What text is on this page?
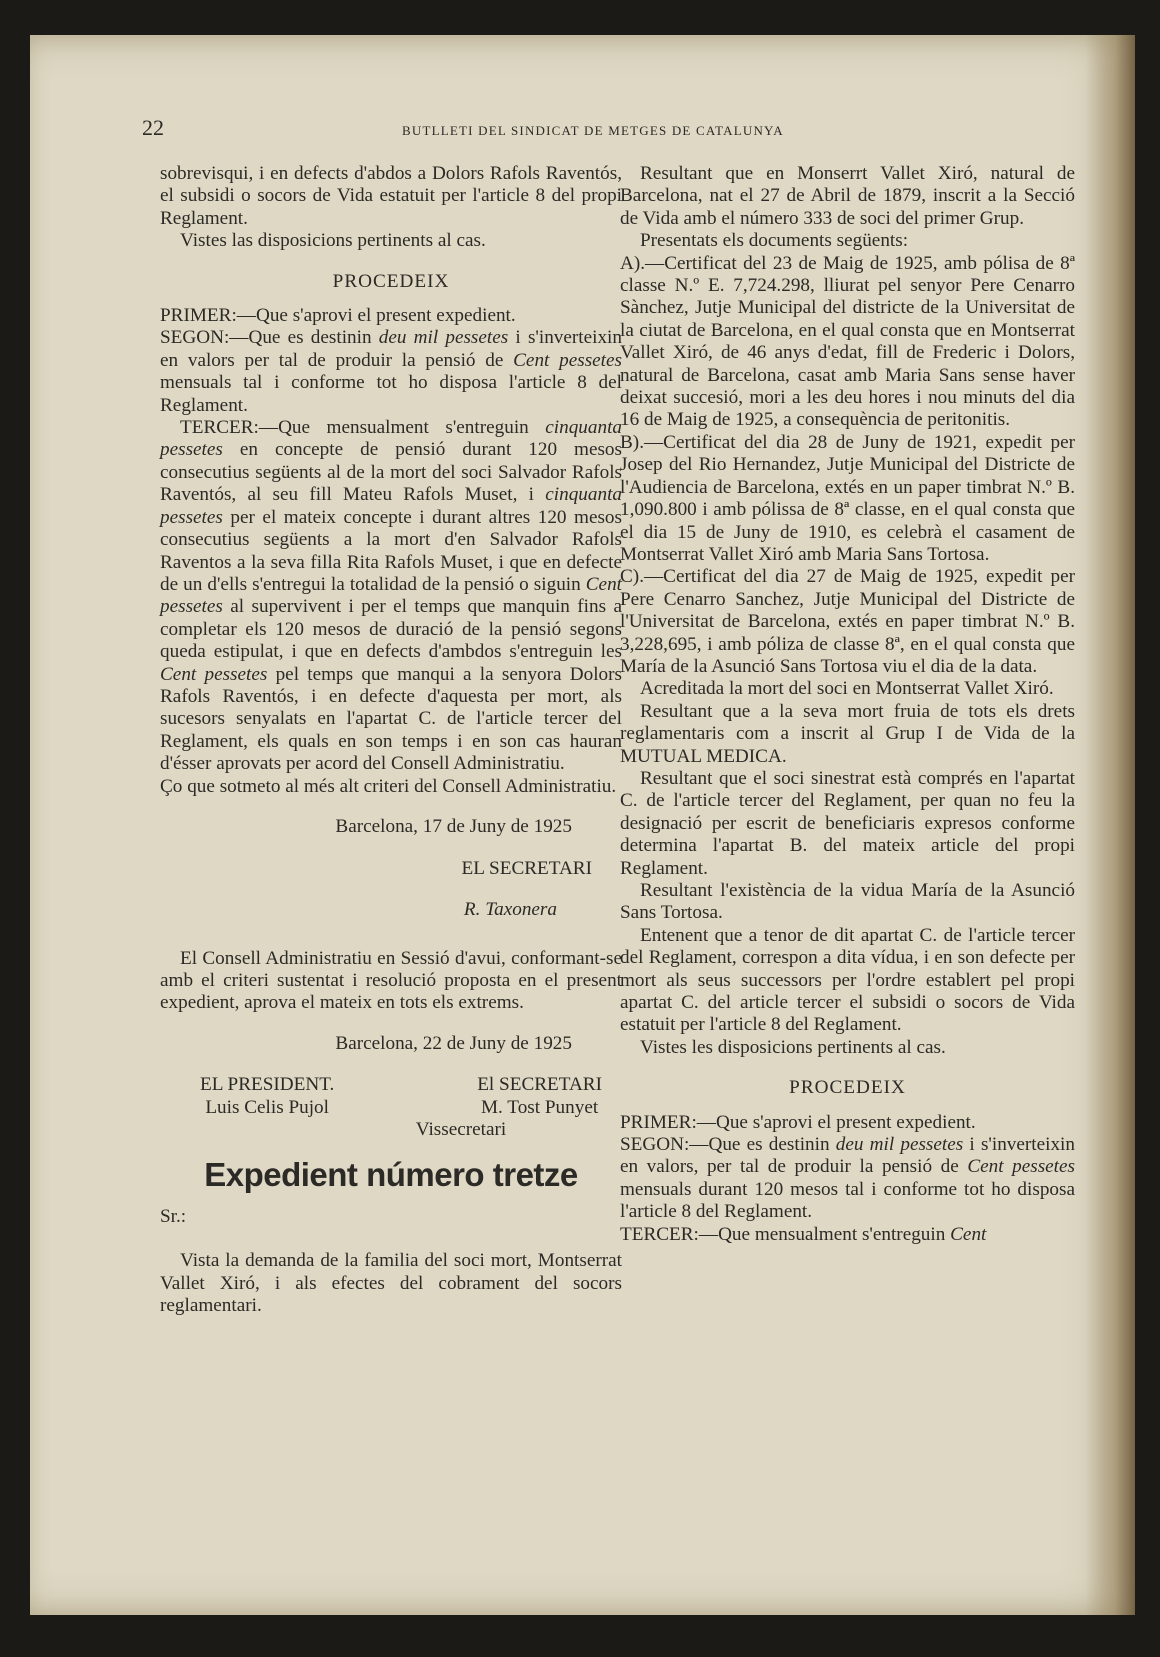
22	BUTLLETI DEL SINDICAT DE METGES DE CATALUNYA

sobrevisqui, i en defects d'abdos a Dolors Rafols Raventós, el subsidi o socors de Vida estatuit per l'article 8 del propi Reglament.

Vistes las disposicions pertinents al cas.

PROCEDEIX

PRIMER:—Que s'aprovi el present expedient.

SEGON:—Que es destinin deu mil pessetes i s'inverteixin en valors per tal de produir la pensió de Cent pessetes mensuals tal i conforme tot ho disposa l'article 8 del Reglament.

TERCER:—Que mensualment s'entreguin cinquanta pessetes en concepte de pensió durant 120 mesos consecutius següents al de la mort del soci Salvador Rafols Raventós, al seu fill Mateu Rafols Muset, i cinquanta pessetes per el mateix concepte i durant altres 120 mesos consecutius següents a la mort d'en Salvador Rafols Raventos a la seva filla Rita Rafols Muset, i que en defecte de un d'ells s'entregui la totalidad de la pensió o siguin Cent pessetes al supervivent i per el temps que manquin fins a completar els 120 mesos de duració de la pensió segons queda estipulat, i que en defects d'ambdos s'entreguin les Cent pessetes pel temps que manqui a la senyora Dolors Rafols Raventós, i en defecte d'aquesta per mort, als sucesors senyalats en l'apartat C. de l'article tercer del Reglament, els quals en son temps i en son cas hauran d'ésser aprovats per acord del Consell Administratiu.

Ço que sotmeto al més alt criteri del Consell Administratiu.

Barcelona, 17 de Juny de 1925

EL SECRETARI

R. Taxonera

El Consell Administratiu en Sessió d'avui, conformant-se amb el criteri sustentat i resolució proposta en el present expedient, aprova el mateix en tots els extrems.

Barcelona, 22 de Juny de 1925

EL PRESIDENT.
Luis Celis Pujol
El SECRETARI
M. Tost Punyet
Vissecretari
Expedient número tretze

Sr.:

Vista la demanda de la familia del soci mort, Montserrat Vallet Xiró, i als efectes del cobrament del socors reglamentari.

Resultant que en Monserrt Vallet Xiró, natural de Barcelona, nat el 27 de Abril de 1879, inscrit a la Secció de Vida amb el número 333 de soci del primer Grup.

Presentats els documents següents:

A).—Certificat del 23 de Maig de 1925, amb pólisa de 8ª classe N.º E. 7,724.298, lliurat pel senyor Pere Cenarro Sànchez, Jutje Municipal del districte de la Universitat de la ciutat de Barcelona, en el qual consta que en Montserrat Vallet Xiró, de 46 anys d'edat, fill de Frederic i Dolors, natural de Barcelona, casat amb Maria Sans sense haver deixat succesió, mori a les deu hores i nou minuts del dia 16 de Maig de 1925, a consequència de peritonitis.

B).—Certificat del dia 28 de Juny de 1921, expedit per Josep del Rio Hernandez, Jutje Municipal del Districte de l'Audiencia de Barcelona, extés en un paper timbrat N.º B. 1,090.800 i amb pólissa de 8ª classe, en el qual consta que el dia 15 de Juny de 1910, es celebrà el casament de Montserrat Vallet Xiró amb Maria Sans Tortosa.

C).—Certificat del dia 27 de Maig de 1925, expedit per Pere Cenarro Sanchez, Jutje Municipal del Districte de l'Universitat de Barcelona, extés en paper timbrat N.º B. 3,228,695, i amb póliza de classe 8ª, en el qual consta que María de la Asunció Sans Tortosa viu el dia de la data.

Acreditada la mort del soci en Montserrat Vallet Xiró.

Resultant que a la seva mort fruia de tots els drets reglamentaris com a inscrit al Grup I de Vida de la MUTUAL MEDICA.

Resultant que el soci sinestrat està comprés en l'apartat C. de l'article tercer del Reglament, per quan no feu la designació per escrit de beneficiaris expresos conforme determina l'apartat B. del mateix article del propi Reglament.

Resultant l'existència de la vidua María de la Asunció Sans Tortosa.

Entenent que a tenor de dit apartat C. de l'article tercer del Reglament, correspon a dita vídua, i en son defecte per mort als seus successors per l'ordre establert pel propi apartat C. del article tercer el subsidi o socors de Vida estatuit per l'article 8 del Reglament.

Vistes les disposicions pertinents al cas.

PROCEDEIX

PRIMER:—Que s'aprovi el present expedient.

SEGON:—Que es destinin deu mil pessetes i s'inverteixin en valors, per tal de produir la pensió de Cent pessetes mensuals durant 120 mesos tal i conforme tot ho disposa l'article 8 del Reglament.

TERCER:—Que mensualment s'entreguin Cent
